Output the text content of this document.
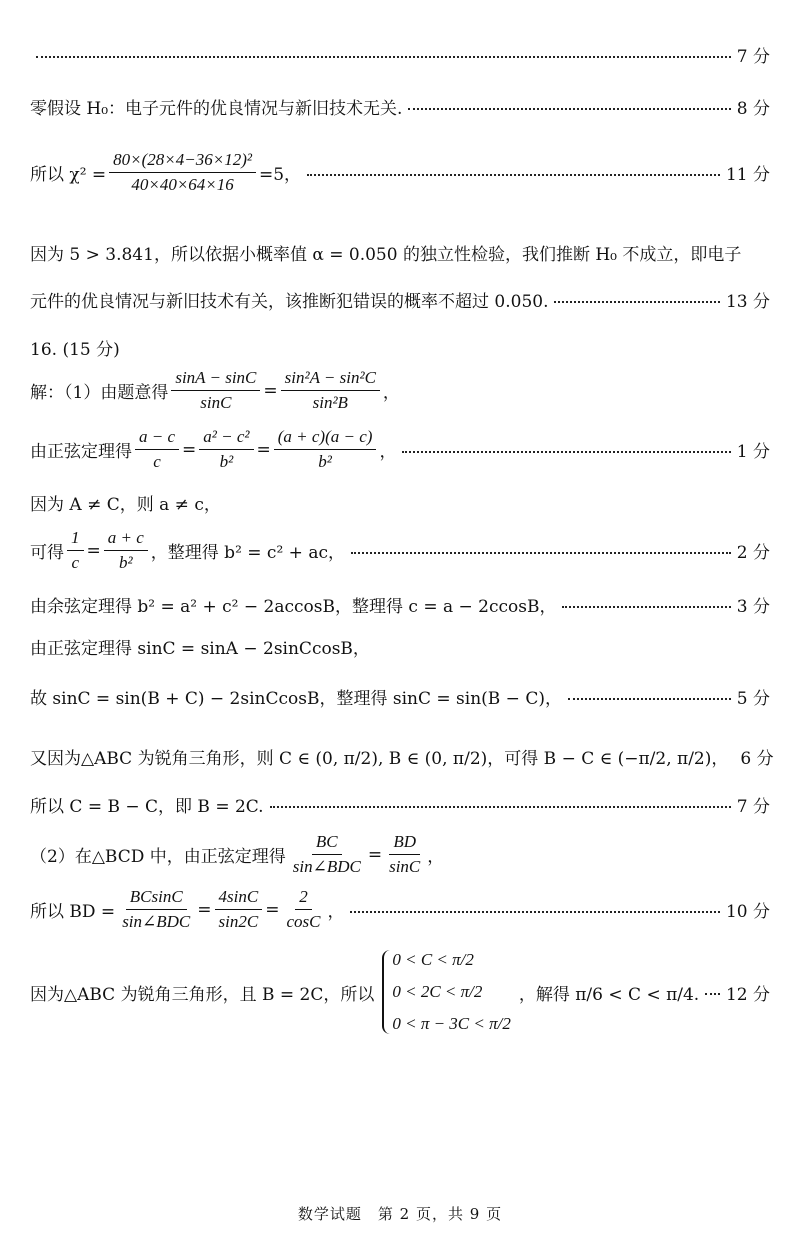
7 分
零假设 H₀：电子元件的优良情况与新旧技术无关.	8 分
所以 $\chi^2 = \frac{\text{80×(28×4−36×12)²}}{40\times 40\times 64\times 16} =5$，	11 分
因为 5 > 3.841，所以依据小概率值 α = 0.050 的独立性检验，我们推断 H₀ 不成立，即电子
元件的优良情况与新旧技术有关，该推断犯错误的概率不超过 0.050.	13 分
16. (15 分)
解：（1）由题意得 $\frac{\sin A - \sin C}{\sin C} = \frac{\text{sin²A − sin²C}}{\text{sin²B}}$ ，
由正弦定理得 $\frac{a - c}{c} = \frac{\text{a² − c²}}{\text{b²}} = \frac{(a + c)(a - c)}{\text{b²}}$ ，	1 分
因为 A ≠ C，则 a ≠ c，
可得 $\frac{1}{c} = \frac{a + c}{\text{b²}}$ ，整理得 b² = c² + ac，	2 分
由余弦定理得 b² = a² + c² − 2accosB，整理得 c = a − 2ccosB，	3 分
由正弦定理得 sinC = sinA − 2sinCcosB，
故 sinC = sin(B + C) − 2sinCcosB，整理得 sinC = sin(B − C)，	5 分
又因为△ABC 为锐角三角形，则 C ∈ (0, π/2), B ∈ (0, π/2)，可得 B − C ∈ (−π/2, π/2)， 6 分
所以 C = B − C，即 B = 2C.	7 分
（2）在△BCD 中，由正弦定理得 $\frac{BC}{\text{sin∠BDC}} = \frac{BD}{\sin C}$ ，
所以 BD = $\frac{BCsinC}{\text{sin∠BDC}} = \frac{4\sin C}{\sin 2C} = \frac{2}{\cos C}$ ，	10 分
因为△ABC 为锐角三角形，且 B = 2C，所以
0 < C < π/2
0 < 2C < π/2
0 < π − 3C < π/2
，解得 π/6 < C < π/4. 12 分
数学试题　第 2 页，共 9 页
